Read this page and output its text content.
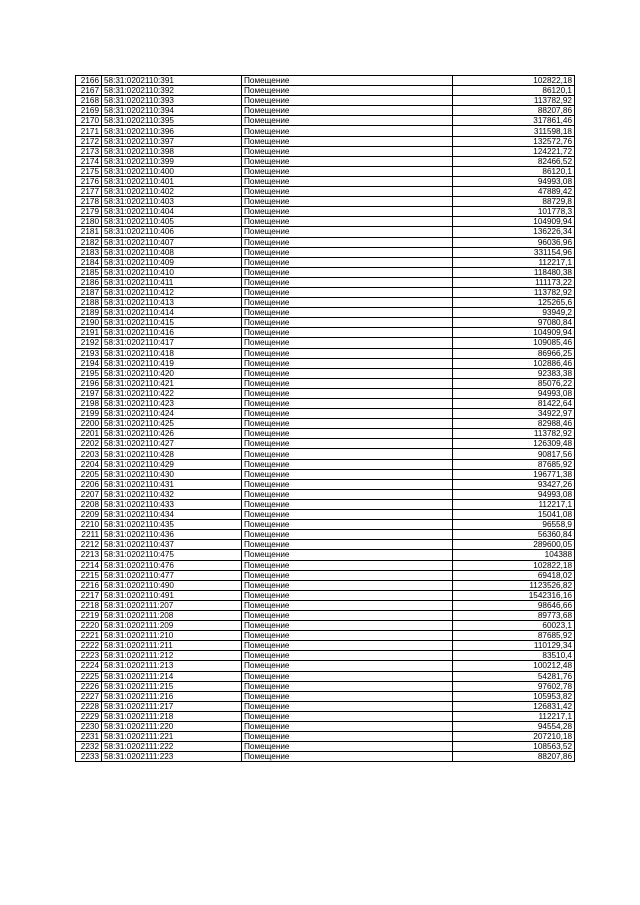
2166	58:31:0202110:391	Помещение	102822,18
2167	58:31:0202110:392	Помещение	86120,1
2168	58:31:0202110:393	Помещение	113782,92
2169	58:31:0202110:394	Помещение	88207,86
2170	58:31:0202110:395	Помещение	317861,46
2171	58:31:0202110:396	Помещение	311598,18
2172	58:31:0202110:397	Помещение	132572,76
2173	58:31:0202110:398	Помещение	124221,72
2174	58:31:0202110:399	Помещение	82466,52
2175	58:31:0202110:400	Помещение	86120,1
2176	58:31:0202110:401	Помещение	94993,08
2177	58:31:0202110:402	Помещение	47889,42
2178	58:31:0202110:403	Помещение	88729,8
2179	58:31:0202110:404	Помещение	101778,3
2180	58:31:0202110:405	Помещение	104909,94
2181	58:31:0202110:406	Помещение	136226,34
2182	58:31:0202110:407	Помещение	96036,96
2183	58:31:0202110:408	Помещение	331154,96
2184	58:31:0202110:409	Помещение	112217,1
2185	58:31:0202110:410	Помещение	118480,38
2186	58:31:0202110:411	Помещение	111173,22
2187	58:31:0202110:412	Помещение	113782,92
2188	58:31:0202110:413	Помещение	125265,6
2189	58:31:0202110:414	Помещение	93949,2
2190	58:31:0202110:415	Помещение	97080,84
2191	58:31:0202110:416	Помещение	104909,94
2192	58:31:0202110:417	Помещение	109085,46
2193	58:31:0202110:418	Помещение	86966,25
2194	58:31:0202110:419	Помещение	102886,46
2195	58:31:0202110:420	Помещение	92383,38
2196	58:31:0202110:421	Помещение	85076,22
2197	58:31:0202110:422	Помещение	94993,08
2198	58:31:0202110:423	Помещение	81422,64
2199	58:31:0202110:424	Помещение	34922,97
2200	58:31:0202110:425	Помещение	82988,46
2201	58:31:0202110:426	Помещение	113782,92
2202	58:31:0202110:427	Помещение	126309,48
2203	58:31:0202110:428	Помещение	90817,56
2204	58:31:0202110:429	Помещение	87685,92
2205	58:31:0202110:430	Помещение	196771,38
2206	58:31:0202110:431	Помещение	93427,26
2207	58:31:0202110:432	Помещение	94993,08
2208	58:31:0202110:433	Помещение	112217,1
2209	58:31:0202110:434	Помещение	15041,08
2210	58:31:0202110:435	Помещение	96558,9
2211	58:31:0202110:436	Помещение	56360,84
2212	58:31:0202110:437	Помещение	289600,05
2213	58:31:0202110:475	Помещение	104388
2214	58:31:0202110:476	Помещение	102822,18
2215	58:31:0202110:477	Помещение	69418,02
2216	58:31:0202110:490	Помещение	1123526,82
2217	58:31:0202110:491	Помещение	1542316,16
2218	58:31:0202111:207	Помещение	98646,66
2219	58:31:0202111:208	Помещение	89773,68
2220	58:31:0202111:209	Помещение	60023,1
2221	58:31:0202111:210	Помещение	87685,92
2222	58:31:0202111:211	Помещение	110129,34
2223	58:31:0202111:212	Помещение	83510,4
2224	58:31:0202111:213	Помещение	100212,48
2225	58:31:0202111:214	Помещение	54281,76
2226	58:31:0202111:215	Помещение	97602,78
2227	58:31:0202111:216	Помещение	105953,82
2228	58:31:0202111:217	Помещение	126831,42
2229	58:31:0202111:218	Помещение	112217,1
2230	58:31:0202111:220	Помещение	94554,28
2231	58:31:0202111:221	Помещение	207210,18
2232	58:31:0202111:222	Помещение	108563,52
2233	58:31:0202111:223	Помещение	88207,86
